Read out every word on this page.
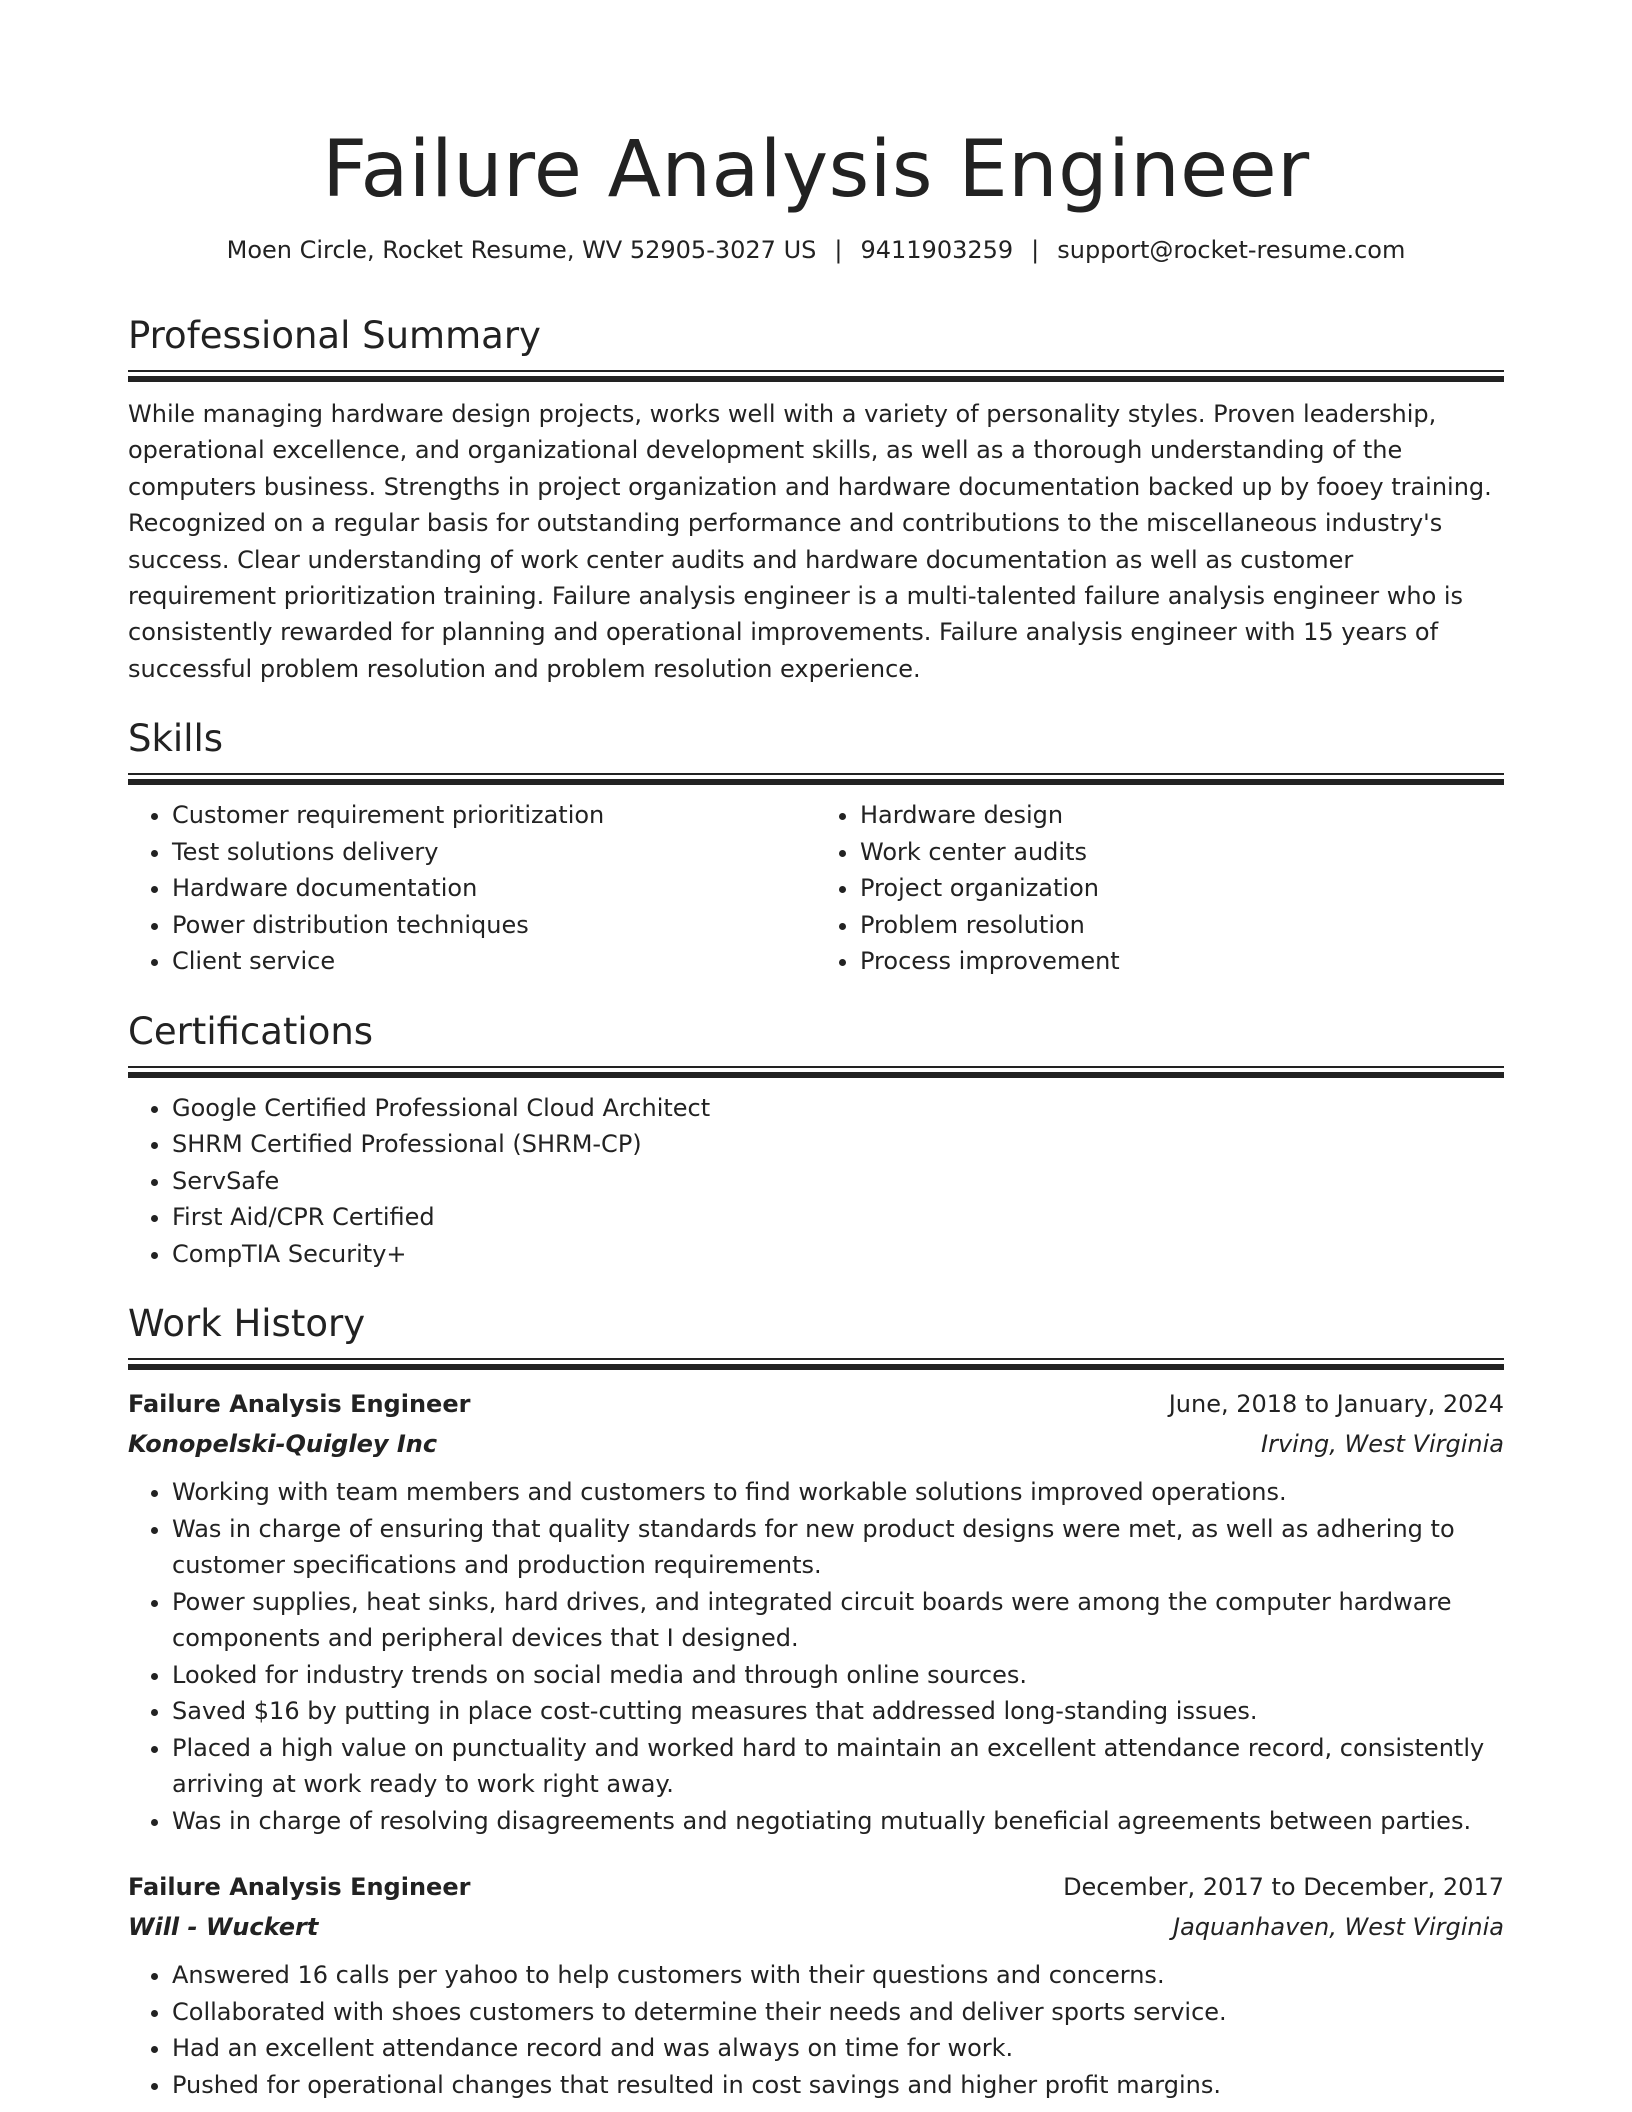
Failure Analysis Engineer
Moen Circle, Rocket Resume, WV 52905-3027 US | 9411903259 | support@rocket-resume.com
Professional Summary

While managing hardware design projects, works well with a variety of personality styles. Proven leadership, operational excellence, and organizational development skills, as well as a thorough understanding of the computers business. Strengths in project organization and hardware documentation backed up by fooey training. Recognized on a regular basis for outstanding performance and contributions to the miscellaneous industry's success. Clear understanding of work center audits and hardware documentation as well as customer requirement prioritization training. Failure analysis engineer is a multi-talented failure analysis engineer who is consistently rewarded for planning and operational improvements. Failure analysis engineer with 15 years of successful problem resolution and problem resolution experience.

Skills
• Customer requirement prioritization
• Test solutions delivery
• Hardware documentation
• Power distribution techniques
• Client service
• Hardware design
• Work center audits
• Project organization
• Problem resolution
• Process improvement
Certifications
• Google Certified Professional Cloud Architect
• SHRM Certified Professional (SHRM-CP)
• ServSafe
• First Aid/CPR Certified
• CompTIA Security+
Work History
Failure Analysis Engineer	June, 2018 to January, 2024
Konopelski-Quigley Inc	Irving, West Virginia
• Working with team members and customers to find workable solutions improved operations.
• Was in charge of ensuring that quality standards for new product designs were met, as well as adhering to customer specifications and production requirements.
• Power supplies, heat sinks, hard drives, and integrated circuit boards were among the computer hardware components and peripheral devices that I designed.
• Looked for industry trends on social media and through online sources.
• Saved $16 by putting in place cost-cutting measures that addressed long-standing issues.
• Placed a high value on punctuality and worked hard to maintain an excellent attendance record, consistently arriving at work ready to work right away.
• Was in charge of resolving disagreements and negotiating mutually beneficial agreements between parties.
Failure Analysis Engineer	December, 2017 to December, 2017
Will - Wuckert	Jaquanhaven, West Virginia
• Answered 16 calls per yahoo to help customers with their questions and concerns.
• Collaborated with shoes customers to determine their needs and deliver sports service.
• Had an excellent attendance record and was always on time for work.
• Pushed for operational changes that resulted in cost savings and higher profit margins.
